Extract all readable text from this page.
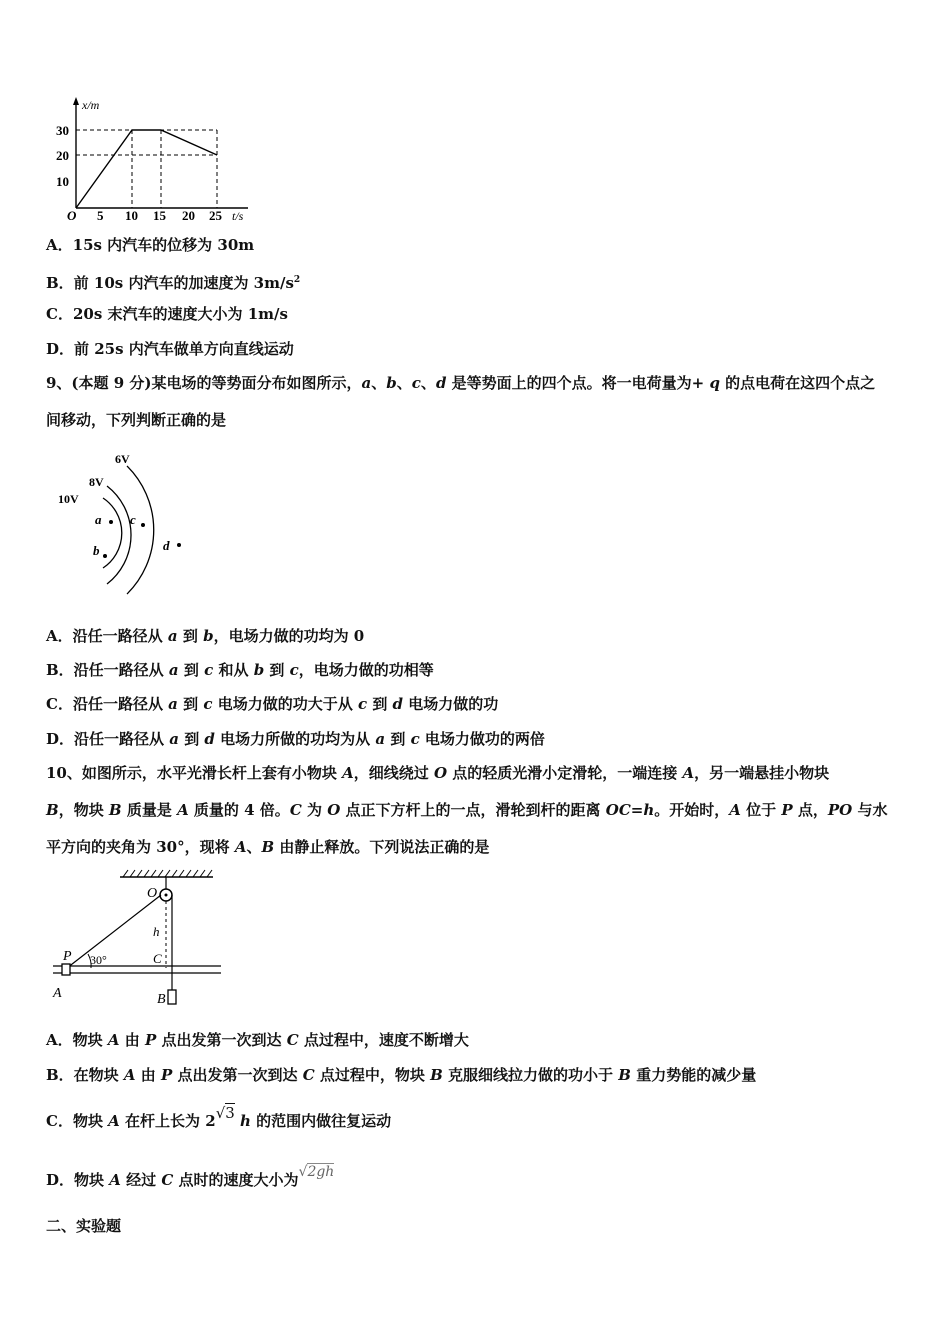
x/m
t/s
O 5 10 15 20 25
10
20
30
A．15s 内汽车的位移为 30m
B．前 10s 内汽车的加速度为 $3m/s^2$
C．20s 末汽车的速度大小为 1m/s
D．前 25s 内汽车做单方向直线运动
9、(本题 9 分)某电场的等势面分布如图所示，a、b、c、d 是等势面上的四个点。将一电荷量为+ q 的点电荷在这四个点之
间移动，下列判断正确的是
6V
8V
10V
a
b
c
d
A．沿任一路径从 a 到 b，电场力做的功均为 0
B．沿任一路径从 a 到 c 和从 b 到 c，电场力做的功相等
C．沿任一路径从 a 到 c 电场力做的功大于从 c 到 d 电场力做的功
D．沿任一路径从 a 到 d 电场力所做的功均为从 a 到 c 电场力做功的两倍
10、如图所示，水平光滑长杆上套有小物块 A，细线绕过 O 点的轻质光滑小定滑轮，一端连接 A，另一端悬挂小物块
B，物块 B 质量是 A 质量的 4 倍。C 为 O 点正下方杆上的一点，滑轮到杆的距离 OC=h。开始时，A 位于 P 点，PO 与水
平方向的夹角为 30°，现将 A、B 由静止释放。下列说法正确的是
O
h
P 30°	C
A	B
A．物块 A 由 P 点出发第一次到达 C 点过程中，速度不断增大
B．在物块 A 由 P 点出发第一次到达 C 点过程中，物块 B 克服细线拉力做的功小于 B 重力势能的减少量
C．物块 A 在杆上长为 2√3 h 的范围内做往复运动
D．物块 A 经过 C 点时的速度大小为√2gh
二、实验题
